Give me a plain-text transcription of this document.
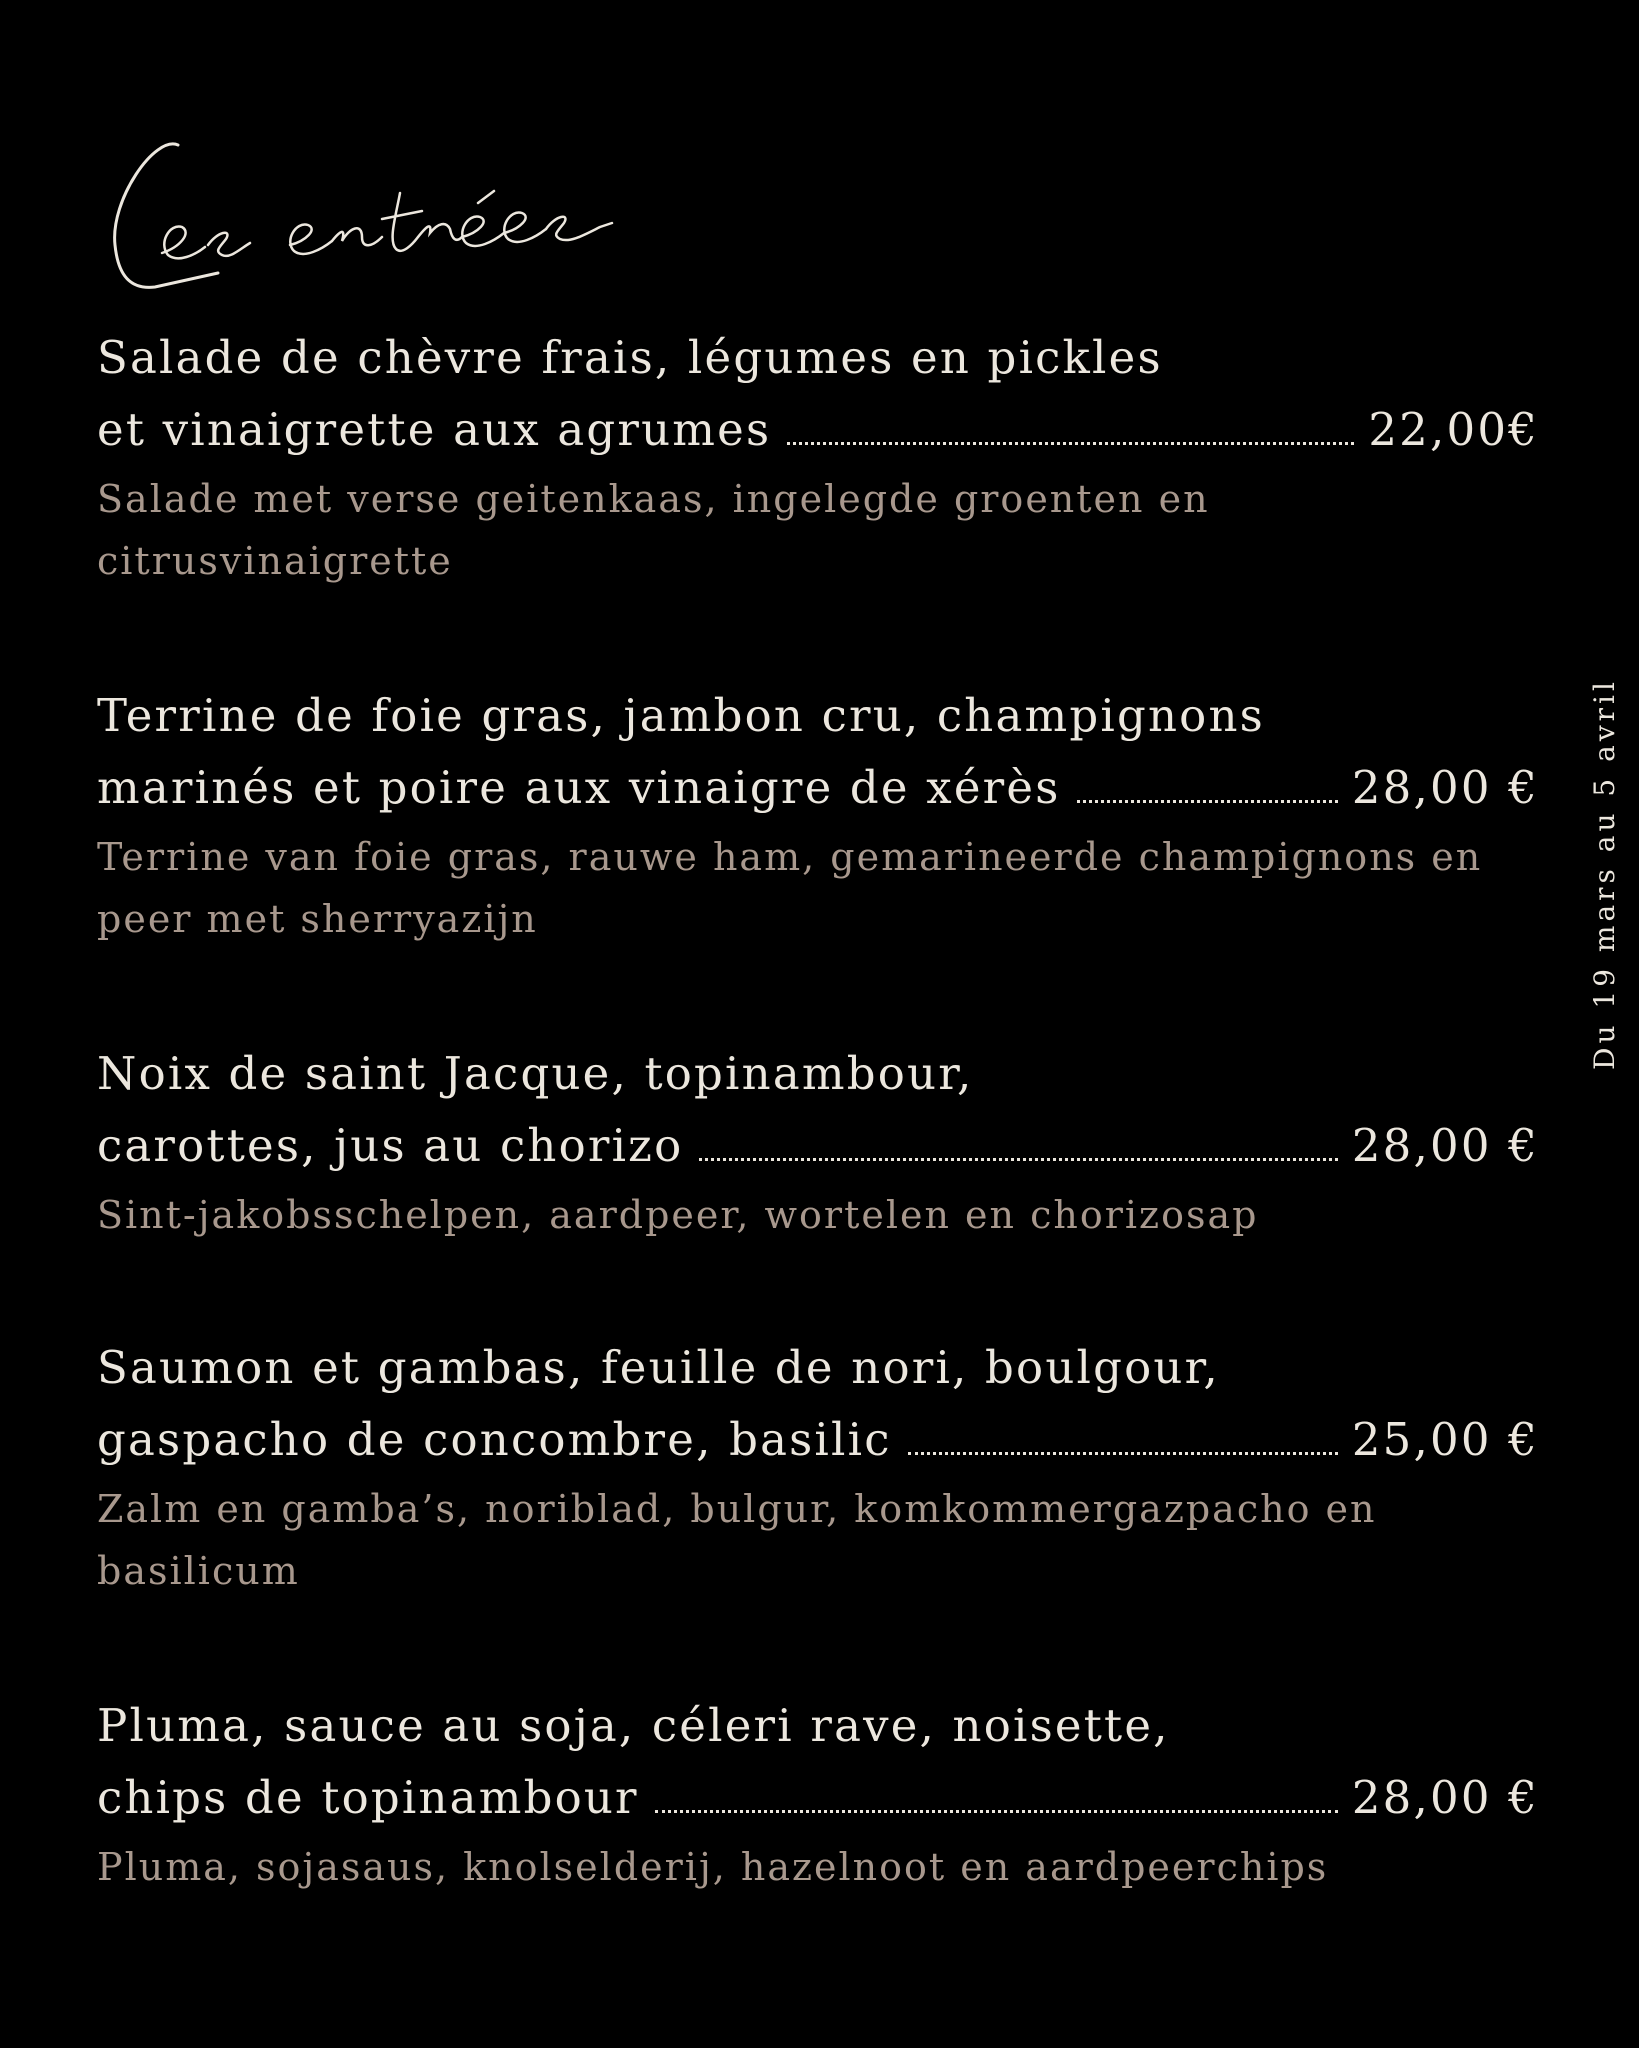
Salade de chèvre frais, légumes en pickles
et vinaigrette aux agrumes	22,00€
Salade met verse geitenkaas, ingelegde groenten en citrusvinaigrette
Terrine de foie gras, jambon cru, champignons
marinés et poire aux vinaigre de xérès	28,00 €
Terrine van foie gras, rauwe ham, gemarineerde champignons en peer met sherryazijn
Noix de saint Jacque, topinambour,
carottes, jus au chorizo	28,00 €
Sint-jakobsschelpen, aardpeer, wortelen en chorizosap
Saumon et gambas, feuille de nori, boulgour,
gaspacho de concombre, basilic	25,00 €
Zalm en gamba’s, noriblad, bulgur, komkommergazpacho en basilicum
Pluma, sauce au soja, céleri rave, noisette,
chips de topinambour	28,00 €
Pluma, sojasaus, knolselderij, hazelnoot en aardpeerchips
Du 19 mars au 5 avril
